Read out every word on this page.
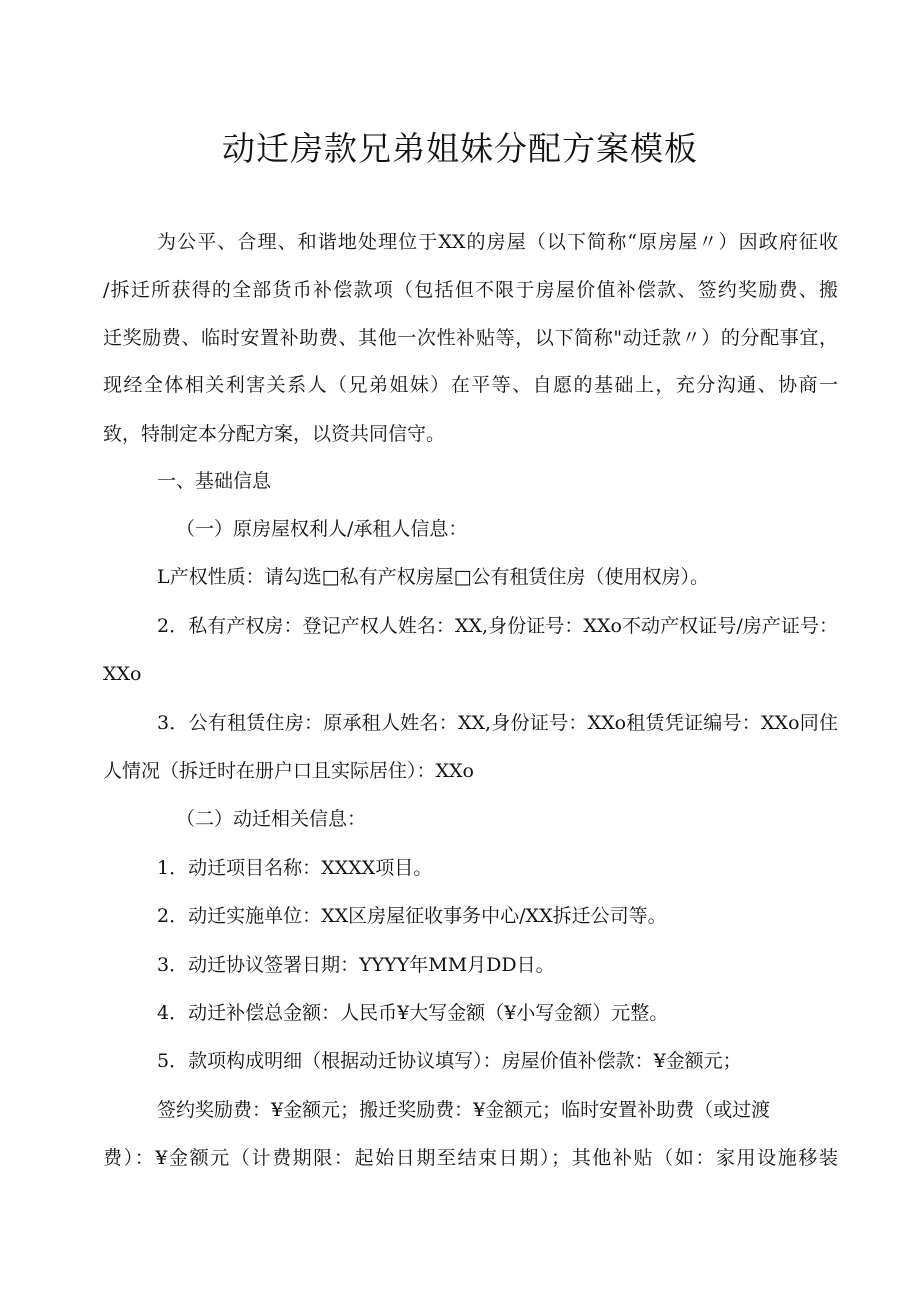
动迁房款兄弟姐妹分配方案模板
为公平、合理、和谐地处理位于XX的房屋（以下简称“原房屋〃）因政府征收
/拆迁所获得的全部货币补偿款项（包括但不限于房屋价值补偿款、签约奖励费、搬
迁奖励费、临时安置补助费、其他一次性补贴等，以下简称"动迁款〃）的分配事宜，
现经全体相关利害关系人（兄弟姐妹）在平等、自愿的基础上，充分沟通、协商一
致，特制定本分配方案，以资共同信守。
一、基础信息
（一）原房屋权利人/承租人信息：
L产权性质：请勾选□私有产权房屋□公有租赁住房（使用权房）。
2．私有产权房：登记产权人姓名：XX,身份证号：XXo不动产权证号/房产证号：
XXo
3．公有租赁住房：原承租人姓名：XX,身份证号：XXo租赁凭证编号：XXo同住
人情况（拆迁时在册户口且实际居住）：XXo
（二）动迁相关信息：
1．动迁项目名称：XXXX项目。
2．动迁实施单位：XX区房屋征收事务中心/XX拆迁公司等。
3．动迁协议签署日期：YYYY年MM月DD日。
4．动迁补偿总金额：人民币¥大写金额（¥小写金额）元整。
5．款项构成明细（根据动迁协议填写）：房屋价值补偿款：¥金额元；
签约奖励费：¥金额元；搬迁奖励费：¥金额元；临时安置补助费（或过渡
费）：¥金额元（计费期限：起始日期至结束日期）；其他补贴（如：家用设施移装
